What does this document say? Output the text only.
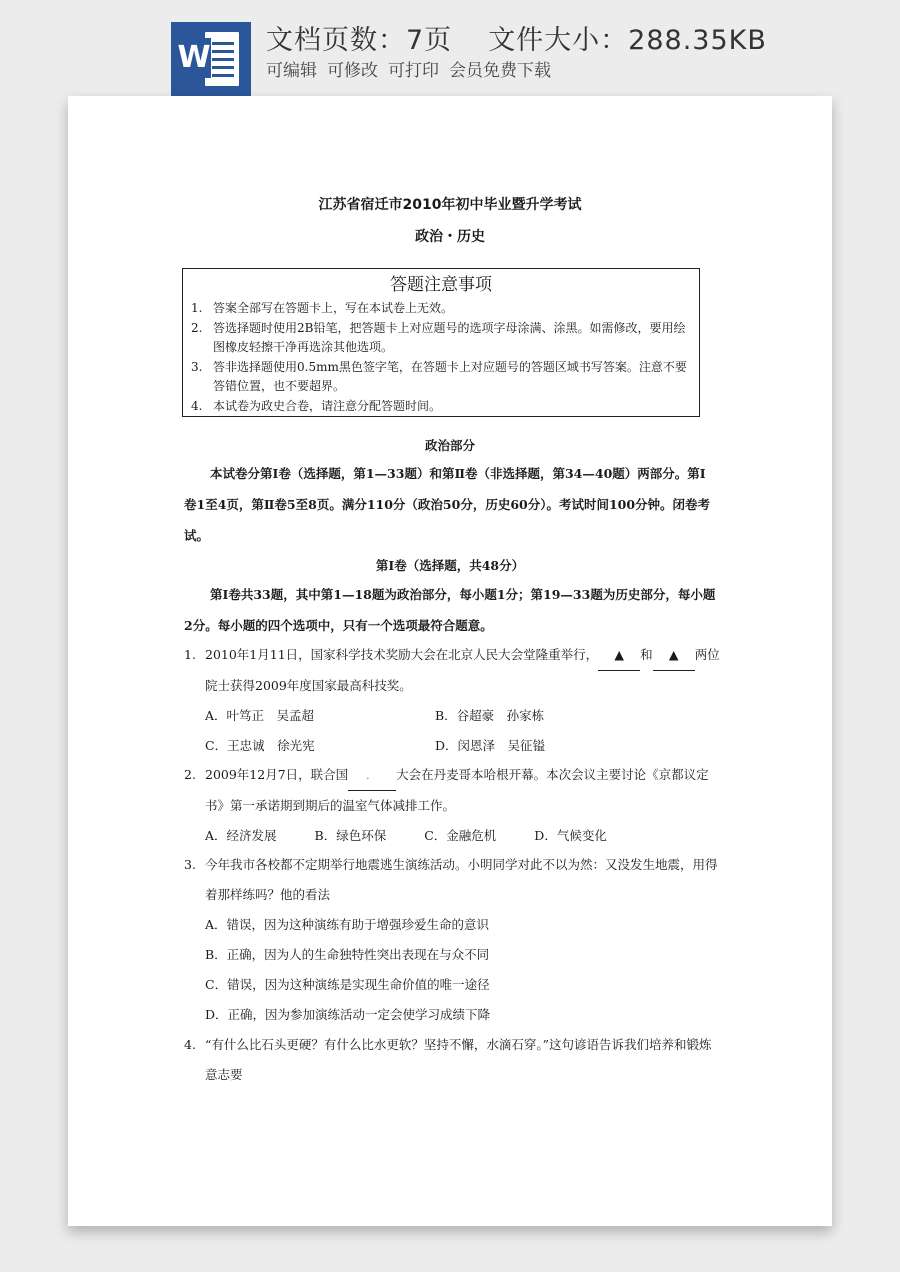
W 文档页数：7页 文件大小：288.35KB
可编辑 可修改 可打印 会员免费下载
江苏省宿迁市2010年初中毕业暨升学考试
政治・历史
答题注意事项
1. 答案全部写在答题卡上，写在本试卷上无效。
2. 答选择题时使用2B铅笔，把答题卡上对应题号的选项字母涂满、涂黑。如需修改，要用绘图橡皮轻擦干净再选涂其他选项。
3. 答非选择题使用0.5mm黑色签字笔，在答题卡上对应题号的答题区域书写答案。注意不要答错位置，也不要超界。
4. 本试卷为政史合卷，请注意分配答题时间。
政治部分
本试卷分第Ⅰ卷（选择题，第1—33题）和第Ⅱ卷（非选择题，第34—40题）两部分。第Ⅰ卷1至4页，第Ⅱ卷5至8页。满分110分（政治50分，历史60分）。考试时间100分钟。闭卷考试。
第Ⅰ卷（选择题，共48分）
第Ⅰ卷共33题，其中第1—18题为政治部分，每小题1分；第19—33题为历史部分，每小题2分。每小题的四个选项中，只有一个选项最符合题意。
1. 2010年1月11日，国家科学技术奖励大会在北京人民大会堂隆重举行， ▲ 和 ▲ 两位院士获得2009年度国家最高科技奖。
A．叶笃正　吴孟超	B．谷超豪　孙家栋
C．王忠诚　徐光宪	D．闵恩泽　吴征镒
2. 2009年12月7日，联合国 ． 大会在丹麦哥本哈根开幕。本次会议主要讨论《京都议定书》第一承诺期到期后的温室气体减排工作。
A．经济发展	B．绿色环保	C．金融危机	D．气候变化
3. 今年我市各校都不定期举行地震逃生演练活动。小明同学对此不以为然：又没发生地震，用得着那样练吗？他的看法
A．错误，因为这种演练有助于增强珍爱生命的意识
B．正确，因为人的生命独特性突出表现在与众不同
C．错误，因为这种演练是实现生命价值的唯一途径
D．正确，因为参加演练活动一定会使学习成绩下降
4. “有什么比石头更硬？有什么比水更软？坚持不懈，水滴石穿。”这句谚语告诉我们培养和锻炼意志要
